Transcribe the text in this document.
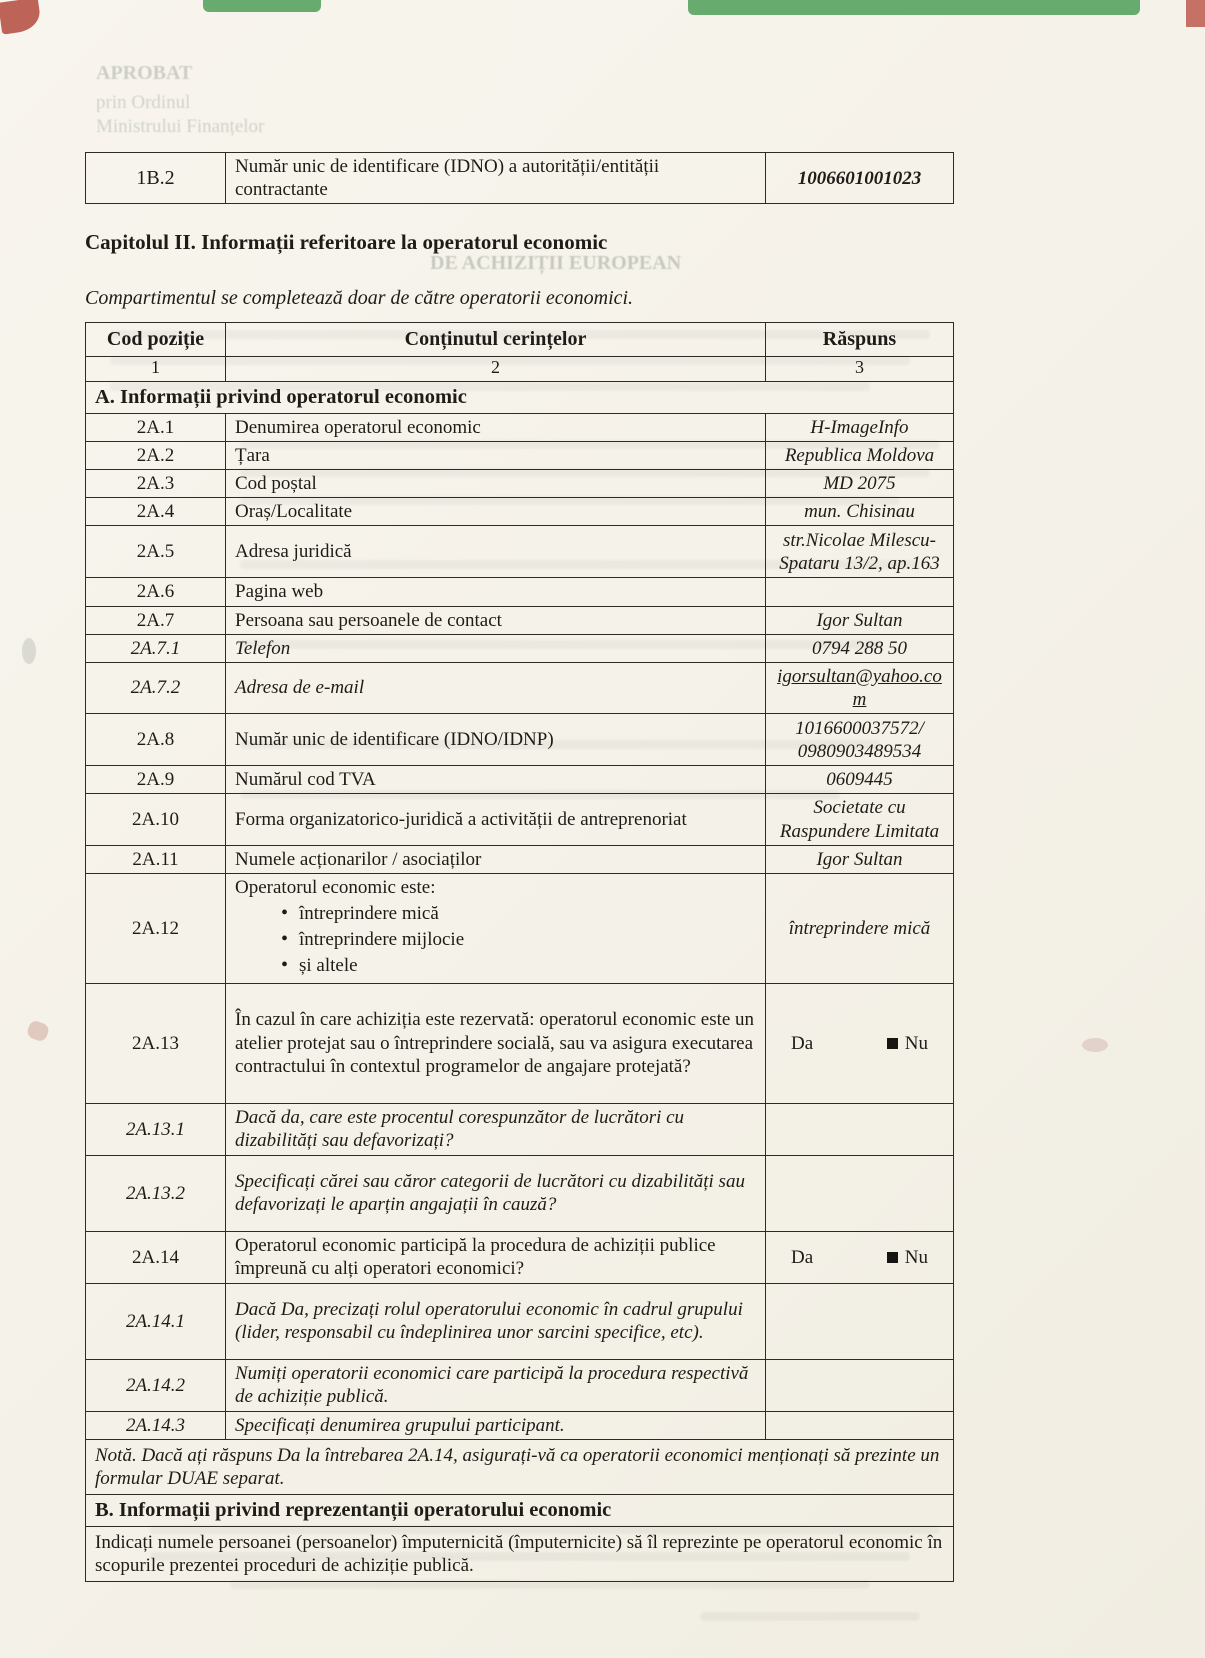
APROBAT
prin Ordinul
Ministrului Finanțelor
DE ACHIZIȚII EUROPEAN
1B.2	Număr unic de identificare (IDNO) a autorității/entității contractante	1006601001023
Capitolul II. Informații referitoare la operatorul economic
Compartimentul se completează doar de către operatorii economici.
Cod poziție	Conținutul cerințelor	Răspuns
1	2	3
A. Informații privind operatorul economic		
2A.1	Denumirea operatorul economic	H-ImageInfo
2A.2	Țara	Republica Moldova
2A.3	Cod poștal	MD 2075
2A.4	Oraș/Localitate	mun. Chisinau
2A.5	Adresa juridică	str.Nicolae Milescu-Spataru 13/2, ap.163
2A.6	Pagina web	
2A.7	Persoana sau persoanele de contact	Igor Sultan
2A.7.1	Telefon	0794 288 50
2A.7.2	Adresa de e-mail	igorsultan@yahoo.com
2A.8	Număr unic de identificare (IDNO/IDNP)	1016600037572/
0980903489534

2A.9	Numărul cod TVA	0609445
2A.10	Forma organizatorico-juridică a activității de antreprenoriat	Societate cu Raspundere Limitata
2A.11	Numele acționarilor / asociaților	Igor Sultan
2A.12	Operatorul economic este:
• întreprindere mică
• întreprindere mijlocie
• și altele	întreprindere mică
2A.13	În cazul în care achiziția este rezervată: operatorul economic este un atelier protejat sau o întreprindere socială, sau va asigura executarea contractului în contextul programelor de angajare protejată?	Da Nu

2A.13.1	Dacă da, care este procentul corespunzător de lucrători cu dizabilități sau defavorizați?	
2A.13.2	Specificați cărei sau căror categorii de lucrători cu dizabilități sau defavorizați le aparțin angajații în cauză?	
2A.14	Operatorul economic participă la procedura de achiziții publice împreună cu alți operatori economici?	Da Nu

2A.14.1	Dacă Da, precizați rolul operatorului economic în cadrul grupului (lider, responsabil cu îndeplinirea unor sarcini specifice, etc).	
2A.14.2	Numiți operatorii economici care participă la procedura respectivă de achiziție publică.	
2A.14.3	Specificați denumirea grupului participant.	
Notă. Dacă ați răspuns Da la întrebarea 2A.14, asigurați-vă ca operatorii economici menționați să prezinte un formular DUAE separat.		
B. Informații privind reprezentanții operatorului economic		
Indicați numele persoanei (persoanelor) împuternicită (împuternicite) să îl reprezinte pe operatorul economic în scopurile prezentei proceduri de achiziție publică.		
